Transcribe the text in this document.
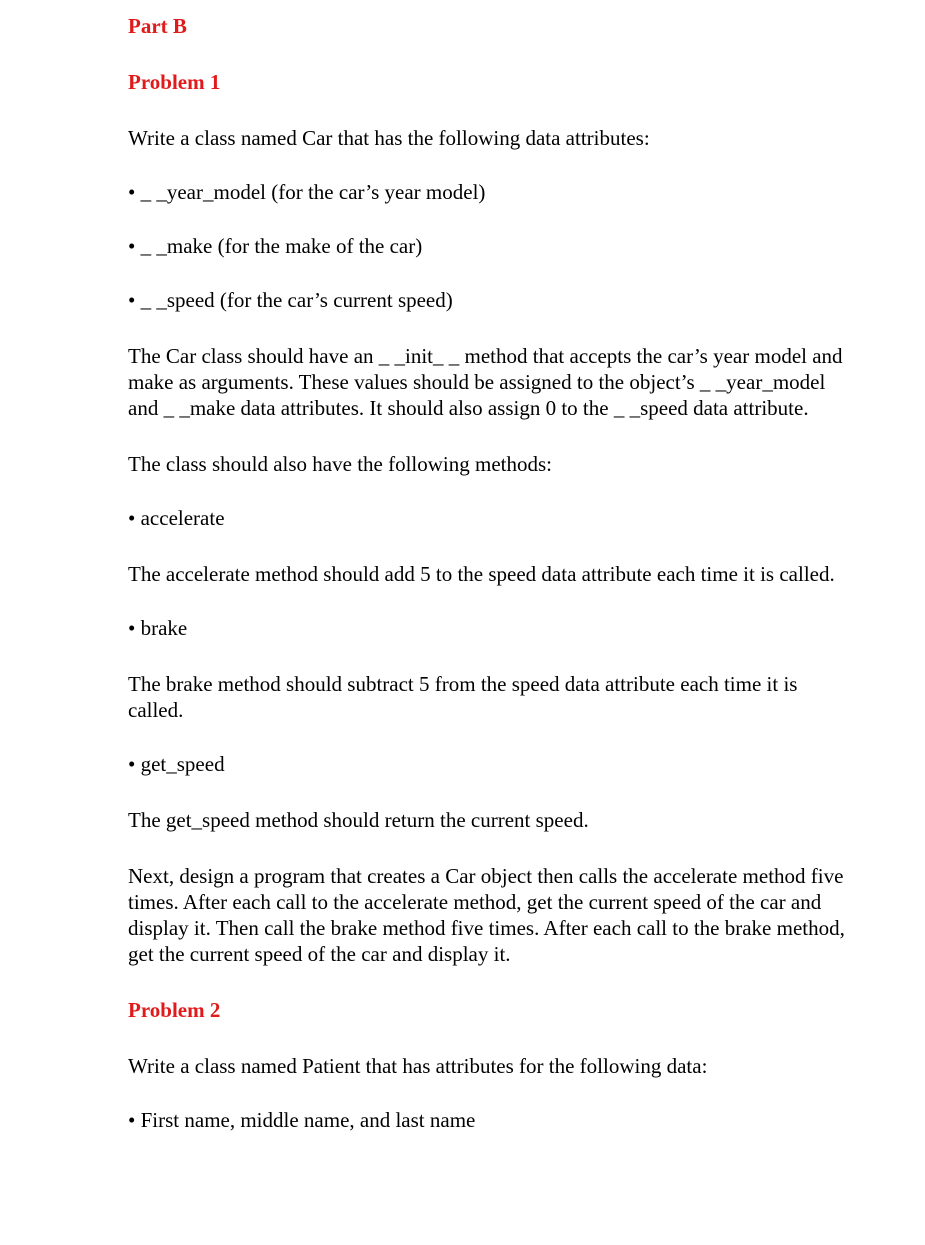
Part B

Problem 1

Write a class named Car that has the following data attributes:

• _ _year_model (for the car’s year model)

• _ _make (for the make of the car)

• _ _speed (for the car’s current speed)

The Car class should have an _ _init_ _ method that accepts the car’s year model and make as arguments. These values should be assigned to the object’s _ _year_model and _ _make data attributes. It should also assign 0 to the _ _speed data attribute.

The class should also have the following methods:

• accelerate

The accelerate method should add 5 to the speed data attribute each time it is called.

• brake

The brake method should subtract 5 from the speed data attribute each time it is called.

• get_speed

The get_speed method should return the current speed.

Next, design a program that creates a Car object then calls the accelerate method five times. After each call to the accelerate method, get the current speed of the car and display it. Then call the brake method five times. After each call to the brake method, get the current speed of the car and display it.

Problem 2

Write a class named Patient that has attributes for the following data:

• First name, middle name, and last name
